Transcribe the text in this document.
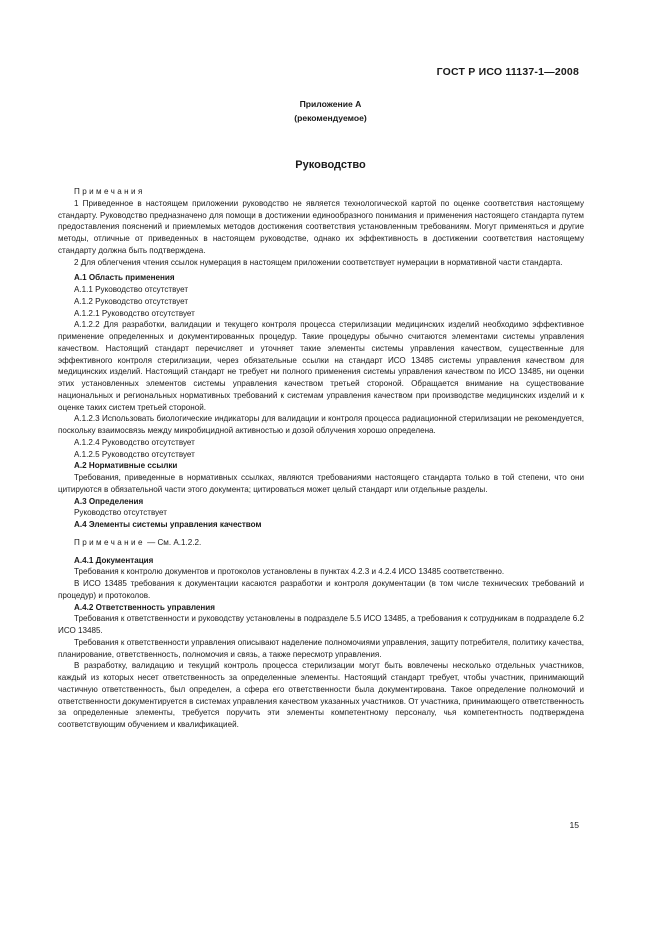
ГОСТ Р ИСО 11137-1—2008
Приложение А
(рекомендуемое)
Руководство

Примечания

1 Приведенное в настоящем приложении руководство не является технологической картой по оценке соответствия настоящему стандарту. Руководство предназначено для помощи в достижении единообразного понимания и применения настоящего стандарта путем предоставления пояснений и приемлемых методов достижения соответствия установленным требованиям. Могут применяться и другие методы, отличные от приведенных в настоящем руководстве, однако их эффективность в достижении соответствия настоящему стандарту должна быть подтверждена.

2 Для облегчения чтения ссылок нумерация в настоящем приложении соответствует нумерации в нормативной части стандарта.

А.1 Область применения

А.1.1 Руководство отсутствует

А.1.2 Руководство отсутствует

А.1.2.1 Руководство отсутствует

А.1.2.2 Для разработки, валидации и текущего контроля процесса стерилизации медицинских изделий необходимо эффективное применение определенных и документированных процедур. Такие процедуры обычно считаются элементами системы управления качеством. Настоящий стандарт перечисляет и уточняет такие элементы системы управления качеством, существенные для эффективного контроля стерилизации, через обязательные ссылки на стандарт ИСО 13485 системы управления качеством для медицинских изделий. Настоящий стандарт не требует ни полного применения системы управления качеством по ИСО 13485, ни оценки этих установленных элементов системы управления качеством третьей стороной. Обращается внимание на существование национальных и региональных нормативных требований к системам управления качеством при производстве медицинских изделий и к оценке таких систем третьей стороной.

А.1.2.3 Использовать биологические индикаторы для валидации и контроля процесса радиационной стерилизации не рекомендуется, поскольку взаимосвязь между микробицидной активностью и дозой облучения хорошо определена.

А.1.2.4 Руководство отсутствует

А.1.2.5 Руководство отсутствует

А.2 Нормативные ссылки

Требования, приведенные в нормативных ссылках, являются требованиями настоящего стандарта только в той степени, что они цитируются в обязательной части этого документа; цитироваться может целый стандарт или отдельные разделы.

А.3 Определения

Руководство отсутствует

А.4 Элементы системы управления качеством

Примечание — См. А.1.2.2.

А.4.1 Документация

Требования к контролю документов и протоколов установлены в пунктах 4.2.3 и 4.2.4 ИСО 13485 соответственно.

В ИСО 13485 требования к документации касаются разработки и контроля документации (в том числе технических требований и процедур) и протоколов.

А.4.2 Ответственность управления

Требования к ответственности и руководству установлены в подразделе 5.5 ИСО 13485, а требования к сотрудникам в подразделе 6.2 ИСО 13485.

Требования к ответственности управления описывают наделение полномочиями управления, защиту потребителя, политику качества, планирование, ответственность, полномочия и связь, а также пересмотр управления.

В разработку, валидацию и текущий контроль процесса стерилизации могут быть вовлечены несколько отдельных участников, каждый из которых несет ответственность за определенные элементы. Настоящий стандарт требует, чтобы участник, принимающий частичную ответственность, был определен, а сфера его ответственности была документирована. Такое определение полномочий и ответственности документируется в системах управления качеством указанных участников. От участника, принимающего ответственность за определенные элементы, требуется поручить эти элементы компетентному персоналу, чья компетентность подтверждена соответствующим обучением и квалификацией.

15
